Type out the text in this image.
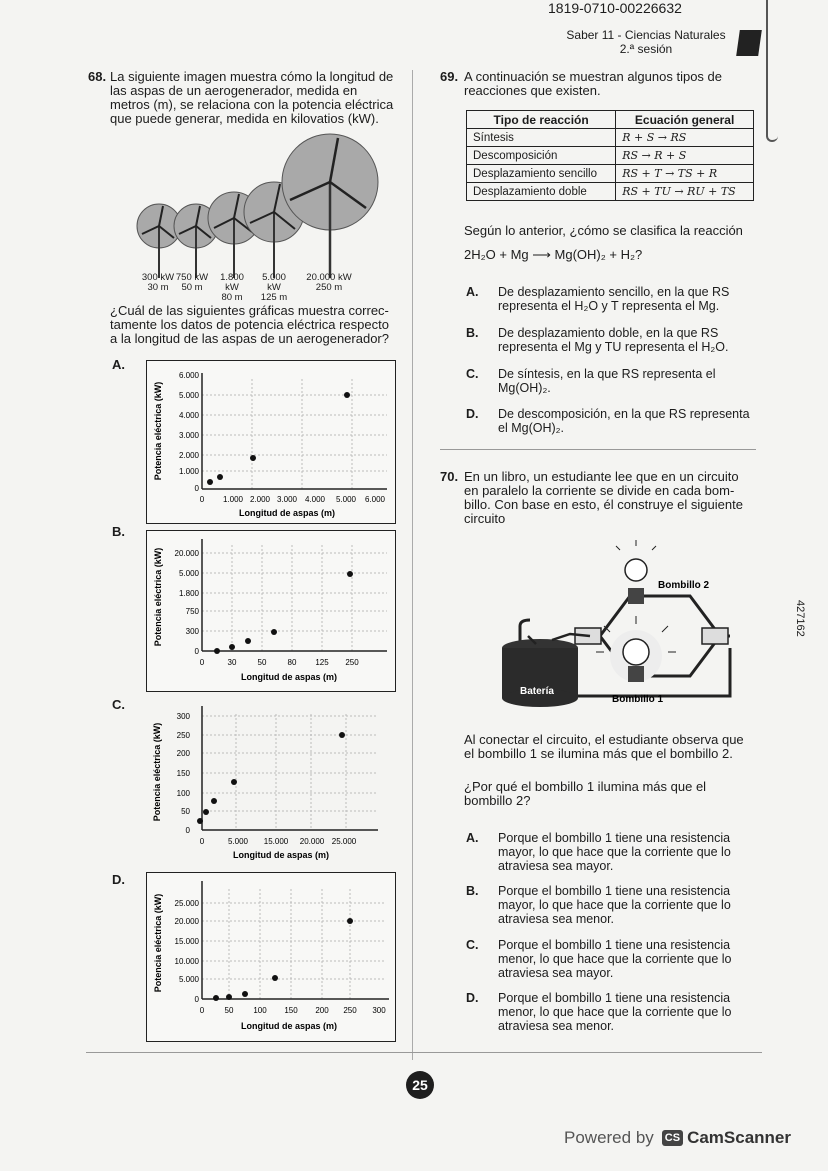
1819-0710-00226632
Saber 11 - Ciencias Naturales
2.ª sesión
68. La siguiente imagen muestra cómo la longitud de
las aspas de un aerogenerador, medida en
metros (m), se relaciona con la potencia eléctrica
que puede generar, medida en kilovatios (kW).
300 kW
30 m
750 kW
50 m
1.800 kW
80 m
5.000 kW
125 m
20.000 kW
250 m
¿Cuál de las siguientes gráficas muestra correc-
tamente los datos de potencia eléctrica respecto
a la longitud de las aspas de un aerogenerador?
A.
B.
C.
D.
0
1.000
2.000
3.000
4.000
5.000
6.000
0 1.000 2.000 3.000 4.000 5.000 6.000
Longitud de aspas (m)
Potencia eléctrica (kW)
0
300
750
1.800
5.000
20.000
0	30	50	80 125 250
Longitud de aspas (m)
Potencia eléctrica (kW)
0
50
100
150
200
250
300
0	5.000 15.000 20.000 25.000
Longitud de aspas (m)
Potencia eléctrica (kW)
0
5.000
10.000
15.000
20.000
25.000
0	50 100 150 200 250 300
Longitud de aspas (m)
Potencia eléctrica (kW)
69. A continuación se muestran algunos tipos de
reacciones que existen.
Tipo de reacción	Ecuación general
Síntesis	R + S → RS
Descomposición	RS → R + S
Desplazamiento sencillo	RS + T → TS + R
Desplazamiento doble	RS + TU → RU + TS
Según lo anterior, ¿cómo se clasifica la reacción
2H₂O + Mg ⟶ Mg(OH)₂ + H₂?
A. De desplazamiento sencillo, en la que RS
representa el H₂O y T representa el Mg.
B. De desplazamiento doble, en la que RS
representa el Mg y TU representa el H₂O.
C. De síntesis, en la que RS representa el
Mg(OH)₂.
D. De descomposición, en la que RS representa
el Mg(OH)₂.
70. En un libro, un estudiante lee que en un circuito
en paralelo la corriente se divide en cada bom-
billo. Con base en esto, él construye el siguiente
circuito
Batería
Bombillo 2
Bombillo 1
Al conectar el circuito, el estudiante observa que
el bombillo 1 se ilumina más que el bombillo 2.
¿Por qué el bombillo 1 ilumina más que el
bombillo 2?
A. Porque el bombillo 1 tiene una resistencia
mayor, lo que hace que la corriente que lo
atraviesa sea mayor.
B. Porque el bombillo 1 tiene una resistencia
mayor, lo que hace que la corriente que lo
atraviesa sea menor.
C. Porque el bombillo 1 tiene una resistencia
menor, lo que hace que la corriente que lo
atraviesa sea mayor.
D. Porque el bombillo 1 tiene una resistencia
menor, lo que hace que la corriente que lo
atraviesa sea menor.
25
Powered by CS CamScanner
427162
